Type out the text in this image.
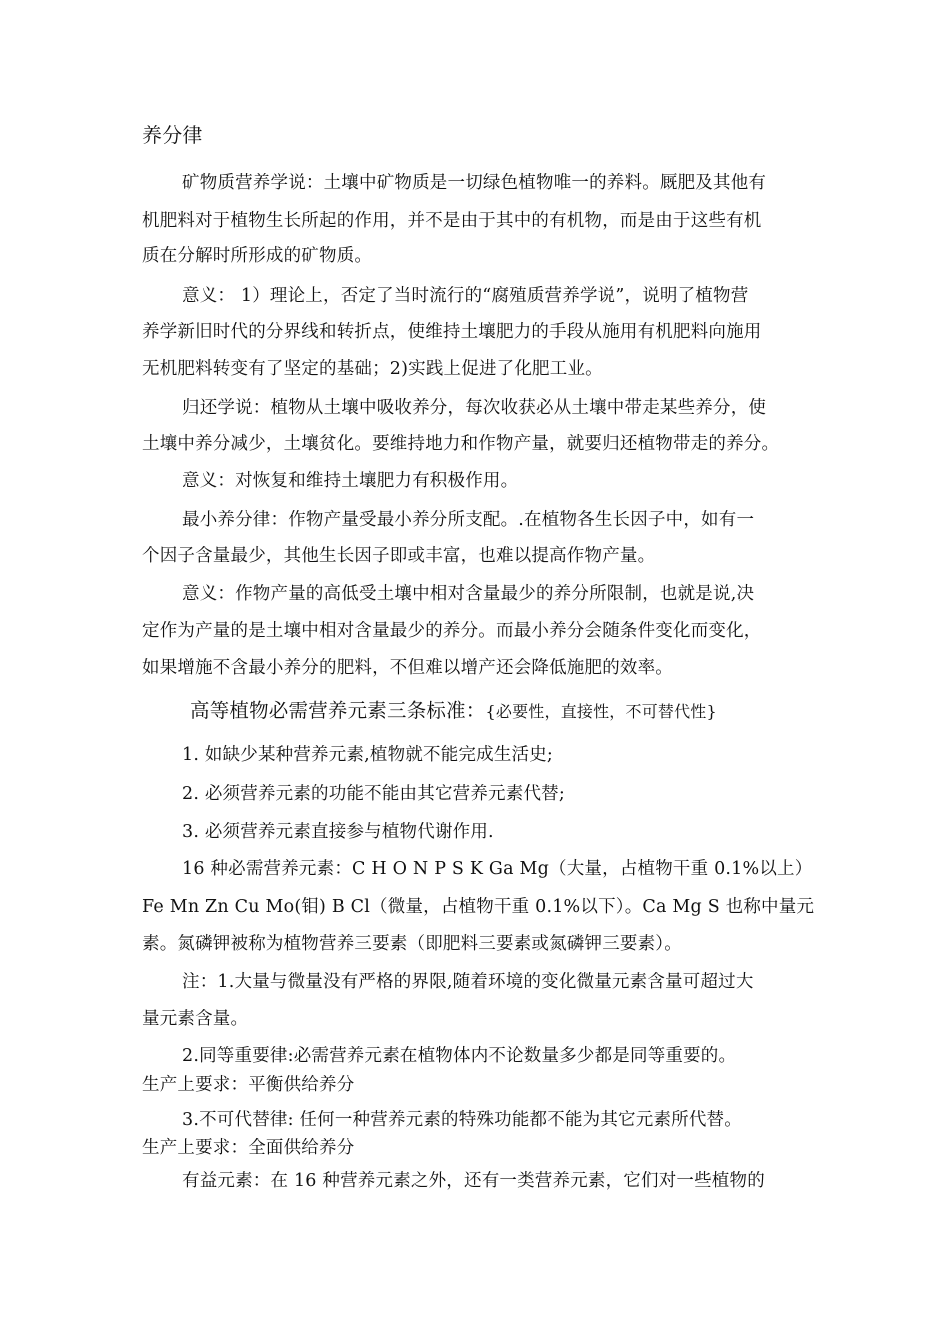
养分律
矿物质营养学说：土壤中矿物质是一切绿色植物唯一的养料。厩肥及其他有
机肥料对于植物生长所起的作用，并不是由于其中的有机物，而是由于这些有机
质在分解时所形成的矿物质。
意义： 1）理论上，否定了当时流行的“腐殖质营养学说”，说明了植物营
养学新旧时代的分界线和转折点，使维持土壤肥力的手段从施用有机肥料向施用
无机肥料转变有了坚定的基础；2)实践上促进了化肥工业。
归还学说：植物从土壤中吸收养分，每次收获必从土壤中带走某些养分，使
土壤中养分减少，土壤贫化。要维持地力和作物产量，就要归还植物带走的养分。
意义：对恢复和维持土壤肥力有积极作用。
最小养分律：作物产量受最小养分所支配。.在植物各生长因子中，如有一
个因子含量最少，其他生长因子即或丰富，也难以提高作物产量。
意义：作物产量的高低受土壤中相对含量最少的养分所限制，也就是说,决
定作为产量的是土壤中相对含量最少的养分。而最小养分会随条件变化而变化，
如果增施不含最小养分的肥料，不但难以增产还会降低施肥的效率。
高等植物必需营养元素三条标准：{必要性，直接性，不可替代性}
1. 如缺少某种营养元素,植物就不能完成生活史;
2. 必须营养元素的功能不能由其它营养元素代替;
3. 必须营养元素直接参与植物代谢作用.
16 种必需营养元素：C H O N P S K Ga Mg（大量，占植物干重 0.1%以上）
Fe Mn Zn Cu Mo(钼) B Cl（微量，占植物干重 0.1%以下）。Ca Mg S 也称中量元
素。氮磷钾被称为植物营养三要素（即肥料三要素或氮磷钾三要素）。
注：1.大量与微量没有严格的界限,随着环境的变化微量元素含量可超过大
量元素含量。
2.同等重要律:必需营养元素在植物体内不论数量多少都是同等重要的。
生产上要求：平衡供给养分
3.不可代替律: 任何一种营养元素的特殊功能都不能为其它元素所代替。
生产上要求：全面供给养分
有益元素：在 16 种营养元素之外，还有一类营养元素，它们对一些植物的
